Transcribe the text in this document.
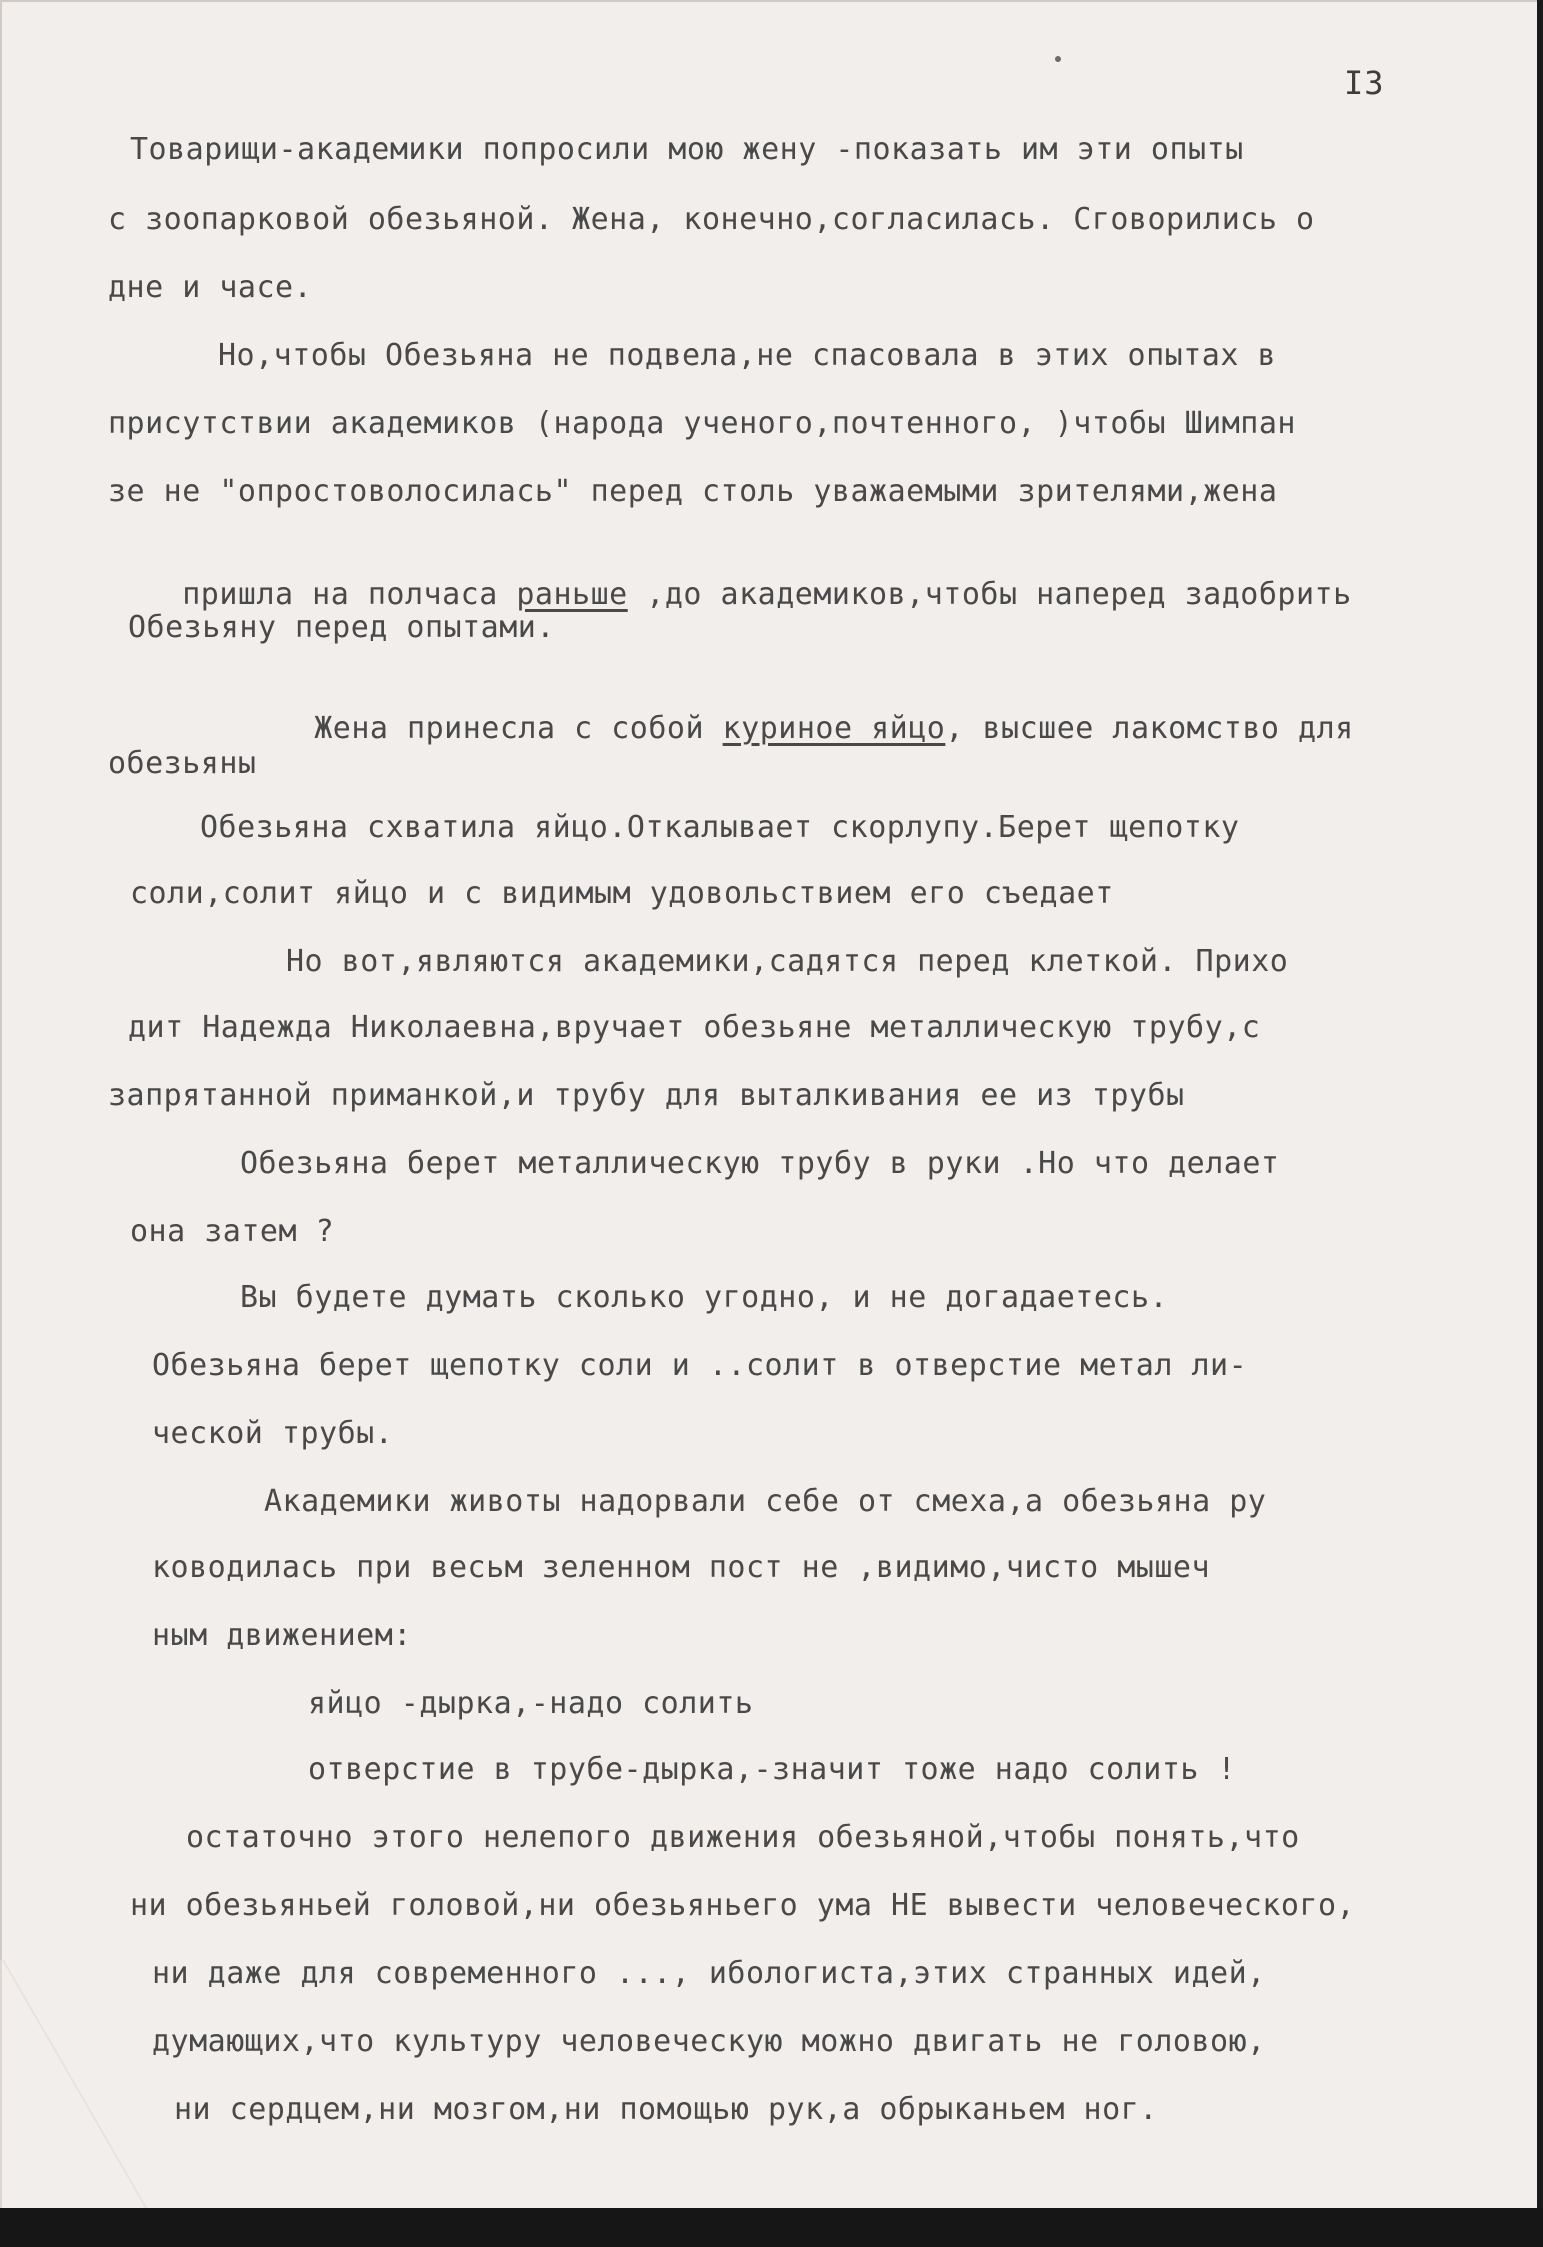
I3
Товарищи-академики попросили мою жену -показать им эти опыты
с зоопарковой обезьяной. Жена, конечно,согласилась. Сговорились о
дне и часе.
Но,чтобы Обезьяна не подвела,не спасовала в этих опытах в
присутствии академиков (народа ученого,почтенного, )чтобы Шимпан
зе не "опростоволосилась" перед столь уважаемыми зрителями,жена

пришла на полчаса раньше ,до академиков,чтобы наперед задобрить

Обезьяну перед опытами.

Жена принесла с собой куриное яйцо, высшее лакомство для

обезьяны
Обезьяна схватила яйцо.Откалывает скорлупу.Берет щепотку
соли,солит яйцо и с видимым удовольствием его съедает
Но вот,являются академики,садятся перед клеткой. Прихо
дит Надежда Николаевна,вручает обезьяне металлическую трубу,с
запрятанной приманкой,и трубу для выталкивания ее из трубы
Обезьяна берет металлическую трубу в руки .Но что делает
она затем ?
Вы будете думать сколько угодно, и не догадаетесь.
Обезьяна берет щепотку соли и ..солит в отверстие метал ли-
ческой трубы.
Академики животы надорвали себе от смеха,а обезьяна ру
ководилась при весьм зеленном пост не ,видимо,чисто мышеч
ным движением:
яйцо -дырка,-надо солить
отверстие в трубе-дырка,-значит тоже надо солить !
остаточно этого нелепого движения обезьяной,чтобы понять,что
ни обезьяньей головой,ни обезьяньего ума НЕ вывести человеческого,
ни даже для современного ..., ибологиста,этих странных идей,
думающих,что культуру человеческую можно двигать не головою,
ни сердцем,ни мозгом,ни помощью рук,а обрыканьем ног.
